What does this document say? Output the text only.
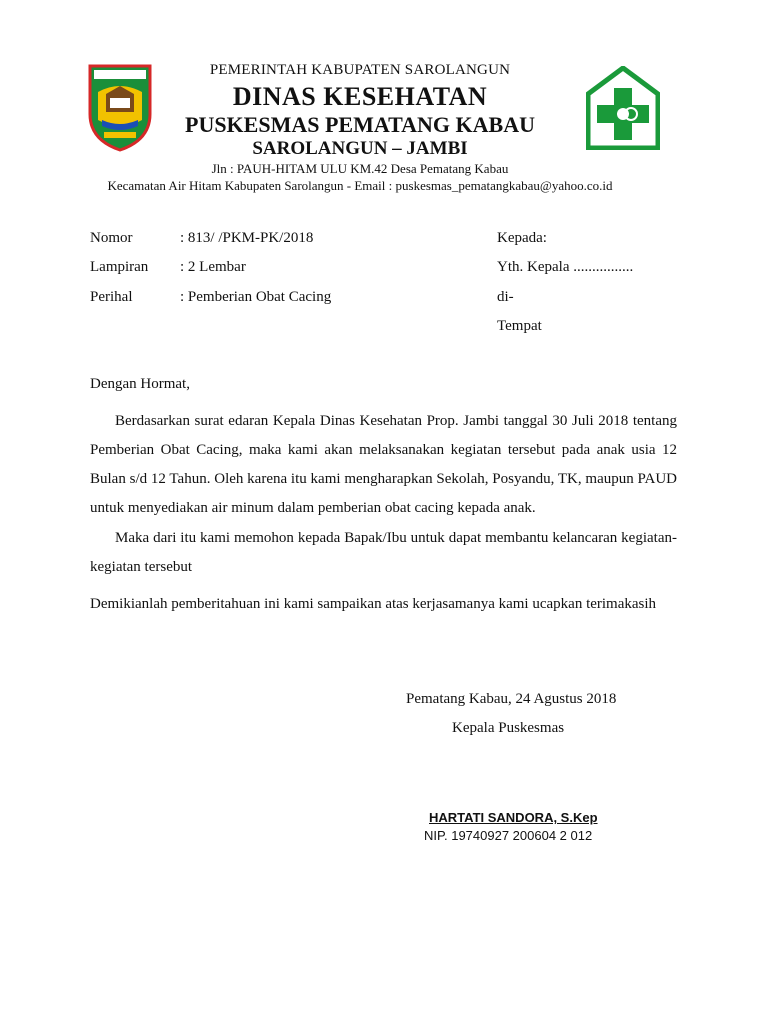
PEMERINTAH KABUPATEN SAROLANGUN
DINAS KESEHATAN
PUSKESMAS PEMATANG KABAU
SAROLANGUN – JAMBI
Jln : PAUH-HITAM ULU KM.42 Desa Pematang Kabau
Kecamatan Air Hitam Kabupaten Sarolangun - Email : puskesmas_pematangkabau@yahoo.co.id
Nomor	: 813/ /PKM-PK/2018	Kepada:
Lampiran : 2 Lembar	Yth. Kepala ................
Perihal	: Pemberian Obat Cacing	di-
Tempat
Dengan Hormat,
Berdasarkan surat edaran Kepala Dinas Kesehatan Prop. Jambi tanggal 30 Juli 2018 tentang Pemberian Obat Cacing, maka kami akan melaksanakan kegiatan tersebut pada anak usia 12 Bulan s/d 12 Tahun. Oleh karena itu kami mengharapkan Sekolah, Posyandu, TK, maupun PAUD untuk menyediakan air minum dalam pemberian obat cacing kepada anak.
Maka dari itu kami memohon kepada Bapak/Ibu untuk dapat membantu kelancaran kegiatan-kegiatan tersebut
Demikianlah pemberitahuan ini kami sampaikan atas kerjasamanya kami ucapkan terimakasih
Pematang Kabau, 24 Agustus 2018
Kepala Puskesmas
HARTATI SANDORA, S.Kep
NIP. 19740927 200604 2 012
